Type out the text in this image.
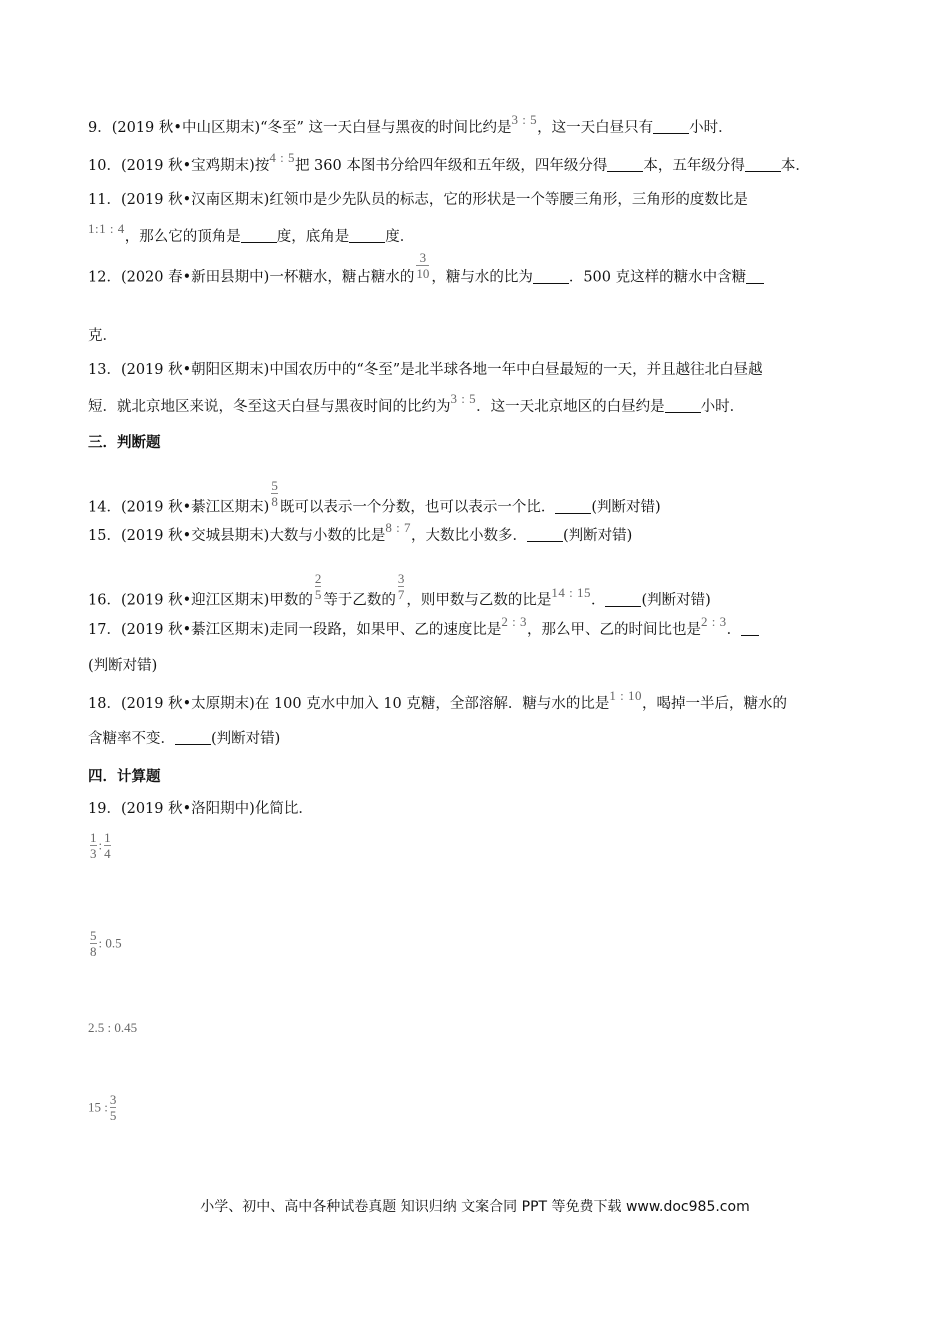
9．(2019 秋•中山区期末)“冬至” 这一天白昼与黑夜的时间比约是3 : 5，这一天白昼只有 小时．
10．(2019 秋•宝鸡期末)按4 : 5把 360 本图书分给四年级和五年级，四年级分得 本，五年级分得 本．
11．(2019 秋•汉南区期末)红领巾是少先队员的标志，它的形状是一个等腰三角形，三角形的度数比是
1:1 : 4，那么它的顶角是 度，底角是 度．
12．(2020 春•新田县期中)一杯糖水，糖占糖水的 $\frac{3}{10}$ ，糖与水的比为 ．500 克这样的糖水中含糖
克．
13．(2019 秋•朝阳区期末)中国农历中的“冬至”是北半球各地一年中白昼最短的一天，并且越往北白昼越
短．就北京地区来说，冬至这天白昼与黑夜时间的比约为3 : 5．这一天北京地区的白昼约是 小时．
三．判断题
14．(2019 秋•綦江区期末) $\frac{5}{8}$ 既可以表示一个分数，也可以表示一个比． (判断对错)
15．(2019 秋•交城县期末)大数与小数的比是8 : 7，大数比小数多． (判断对错)
16．(2019 秋•迎江区期末)甲数的 $\frac{2}{5}$ 等于乙数的 $\frac{3}{7}$ ，则甲数与乙数的比是14 : 15． (判断对错)
17．(2019 秋•綦江区期末)走同一段路，如果甲、乙的速度比是2 : 3，那么甲、乙的时间比也是2 : 3．
(判断对错)
18．(2019 秋•太原期末)在 100 克水中加入 10 克糖，全部溶解．糖与水的比是1 : 10，喝掉一半后，糖水的
含糖率不变． (判断对错)
四．计算题
19．(2019 秋•洛阳期中)化简比．
$\frac{1}{3}$ : $\frac{1}{4}$
$\frac{5}{8}$ : 0.5
2.5 : 0.45
15 : $\frac{3}{5}$
小学、初中、高中各种试卷真题 知识归纳 文案合同 PPT 等免费下载 www.doc985.com
